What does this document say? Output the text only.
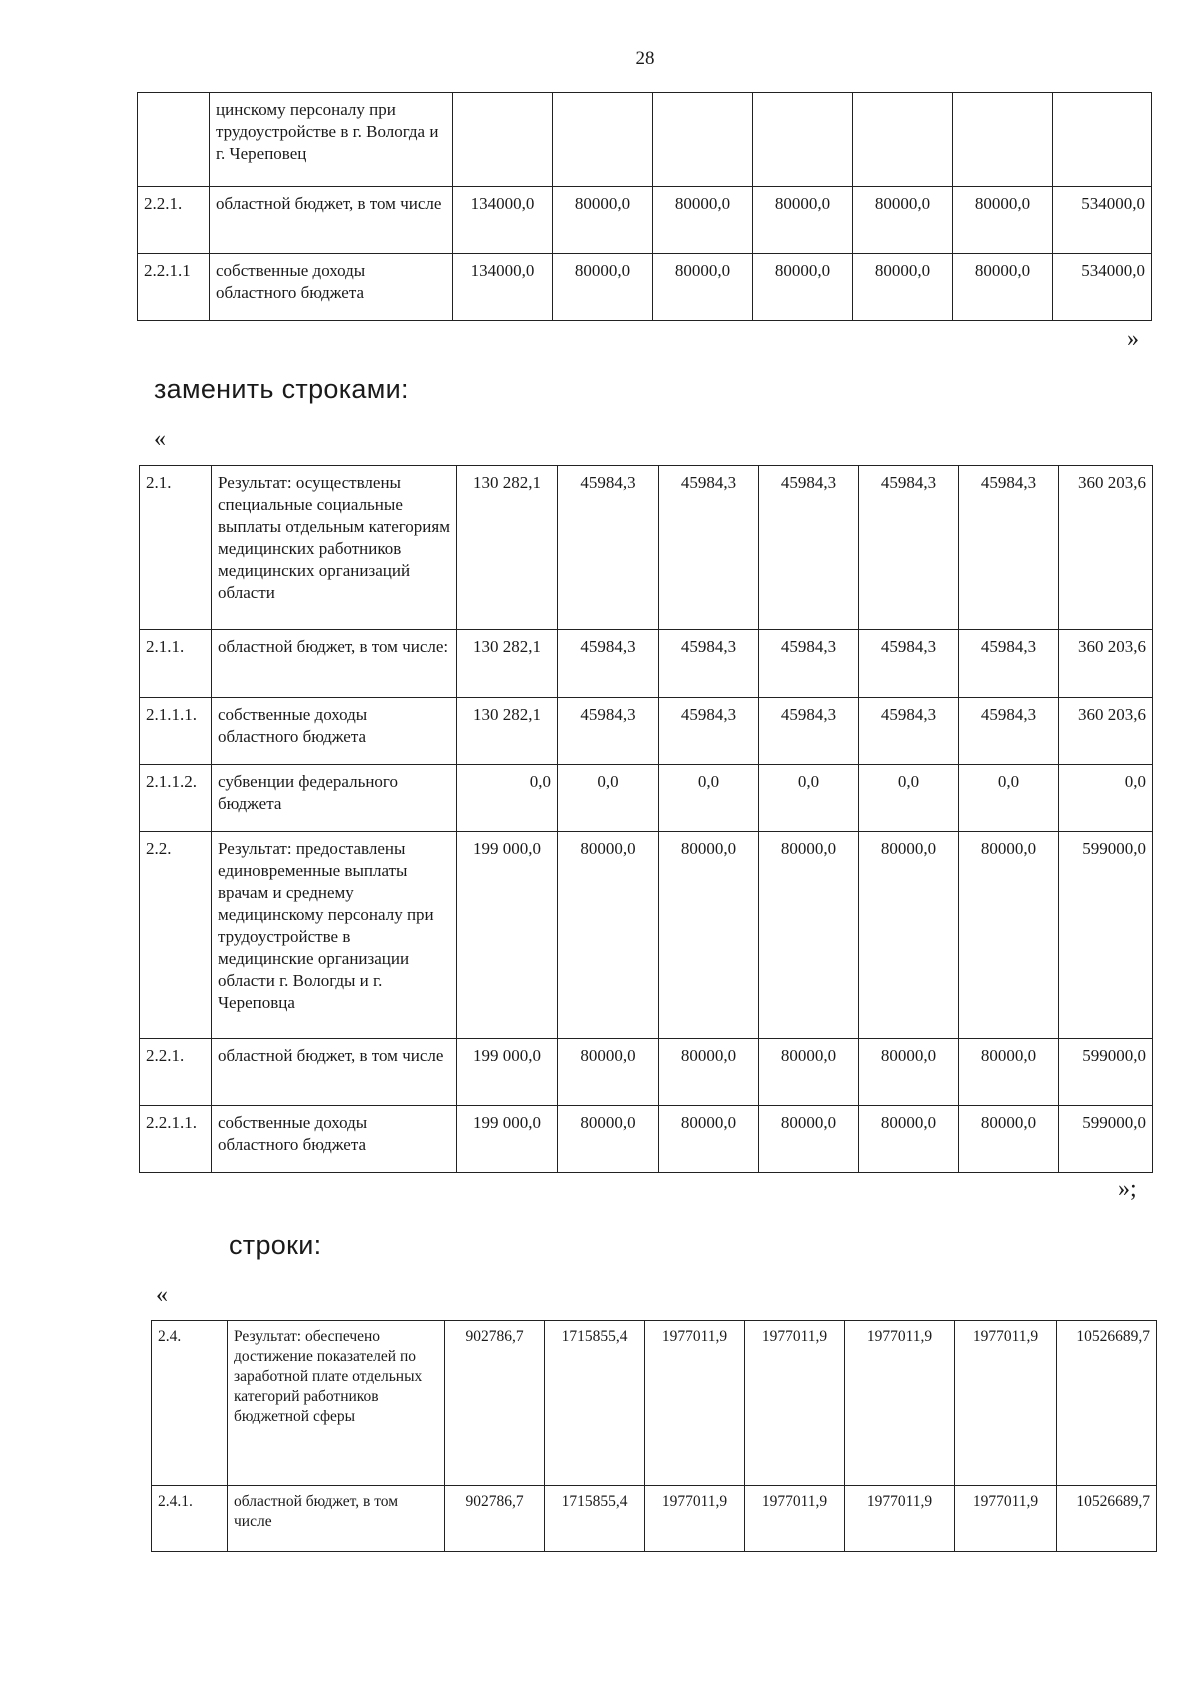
28
	цинскому персоналу при трудоустройстве в г. Вологда и г. Череповец							
2.2.1.	областной бюджет, в том числе	134000,0	80000,0	80000,0	80000,0	80000,0	80000,0	534000,0
2.2.1.1	собственные доходы областного бюджета	134000,0	80000,0	80000,0	80000,0	80000,0	80000,0	534000,0
»
заменить строками:
«
2.1.	Результат: осуществлены специальные социальные выплаты отдельным категориям медицинских работников медицинских организаций области	130 282,1	45984,3	45984,3	45984,3	45984,3	45984,3	360 203,6
2.1.1.	областной бюджет, в том числе:	130 282,1	45984,3	45984,3	45984,3	45984,3	45984,3	360 203,6
2.1.1.1.	собственные доходы областного бюджета	130 282,1	45984,3	45984,3	45984,3	45984,3	45984,3	360 203,6
2.1.1.2.	субвенции федерального бюджета	0,0	0,0	0,0	0,0	0,0	0,0	0,0
2.2.	Результат: предоставлены единовременные выплаты врачам и среднему медицинскому персоналу при трудоустройстве в медицинские организации области г. Вологды и г. Череповца	199 000,0	80000,0	80000,0	80000,0	80000,0	80000,0	599000,0
2.2.1.	областной бюджет, в том числе	199 000,0	80000,0	80000,0	80000,0	80000,0	80000,0	599000,0
2.2.1.1.	собственные доходы областного бюджета	199 000,0	80000,0	80000,0	80000,0	80000,0	80000,0	599000,0
»;
строки:
«
2.4.	Результат: обеспечено достижение показателей по заработной плате отдельных категорий работников бюджетной сферы	902786,7	1715855,4	1977011,9	1977011,9	1977011,9	1977011,9	10526689,7
2.4.1.	областной бюджет, в том числе	902786,7	1715855,4	1977011,9	1977011,9	1977011,9	1977011,9	10526689,7
